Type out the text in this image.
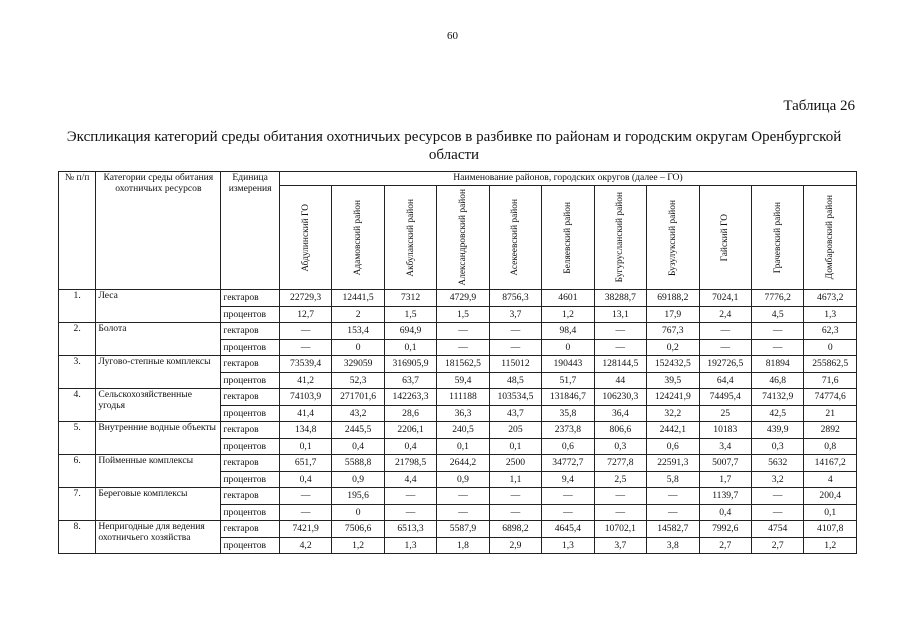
60
Таблица 26
Экспликация категорий среды обитания охотничьих ресурсов в разбивке по районам и городским округам Оренбургской области
№ п/п	Категории среды обитания охотничьих ресурсов	Единица измерения	Наименование районов, городских округов (далее – ГО)										

			Абдулинский ГО	Адамовский район	Акбулакский район	Александровский район	Асекеевский район	Беляевский район	Бугурусланский район	Бузулукский район	Гайский ГО	Грачевский район	Домбаровский район

1.	Леса	гектаров	22729,3	12441,5	7312	4729,9	8756,3	4601	38288,7	69188,2	7024,1	7776,2	4673,2
		процентов	12,7	2	1,5	1,5	3,7	1,2	13,1	17,9	2,4	4,5	1,3
2.	Болота	гектаров	—	153,4	694,9	—	—	98,4	—	767,3	—	—	62,3
		процентов	—	0	0,1	—	—	0	—	0,2	—	—	0
3.	Лугово-степные комплексы	гектаров	73539,4	329059	316905,9	181562,5	115012	190443	128144,5	152432,5	192726,5	81894	255862,5
		процентов	41,2	52,3	63,7	59,4	48,5	51,7	44	39,5	64,4	46,8	71,6
4.	Сельскохозяйственные угодья	гектаров	74103,9	271701,6	142263,3	111188	103534,5	131846,7	106230,3	124241,9	74495,4	74132,9	74774,6
		процентов	41,4	43,2	28,6	36,3	43,7	35,8	36,4	32,2	25	42,5	21
5.	Внутренние водные объекты	гектаров	134,8	2445,5	2206,1	240,5	205	2373,8	806,6	2442,1	10183	439,9	2892
		процентов	0,1	0,4	0,4	0,1	0,1	0,6	0,3	0,6	3,4	0,3	0,8
6.	Пойменные комплексы	гектаров	651,7	5588,8	21798,5	2644,2	2500	34772,7	7277,8	22591,3	5007,7	5632	14167,2
		процентов	0,4	0,9	4,4	0,9	1,1	9,4	2,5	5,8	1,7	3,2	4
7.	Береговые комплексы	гектаров	—	195,6	—	—	—	—	—	—	1139,7	—	200,4
		процентов	—	0	—	—	—	—	—	—	0,4	—	0,1
8.	Непригодные для ведения охотничьего хозяйства	гектаров	7421,9	7506,6	6513,3	5587,9	6898,2	4645,4	10702,1	14582,7	7992,6	4754	4107,8
		процентов	4,2	1,2	1,3	1,8	2,9	1,3	3,7	3,8	2,7	2,7	1,2
